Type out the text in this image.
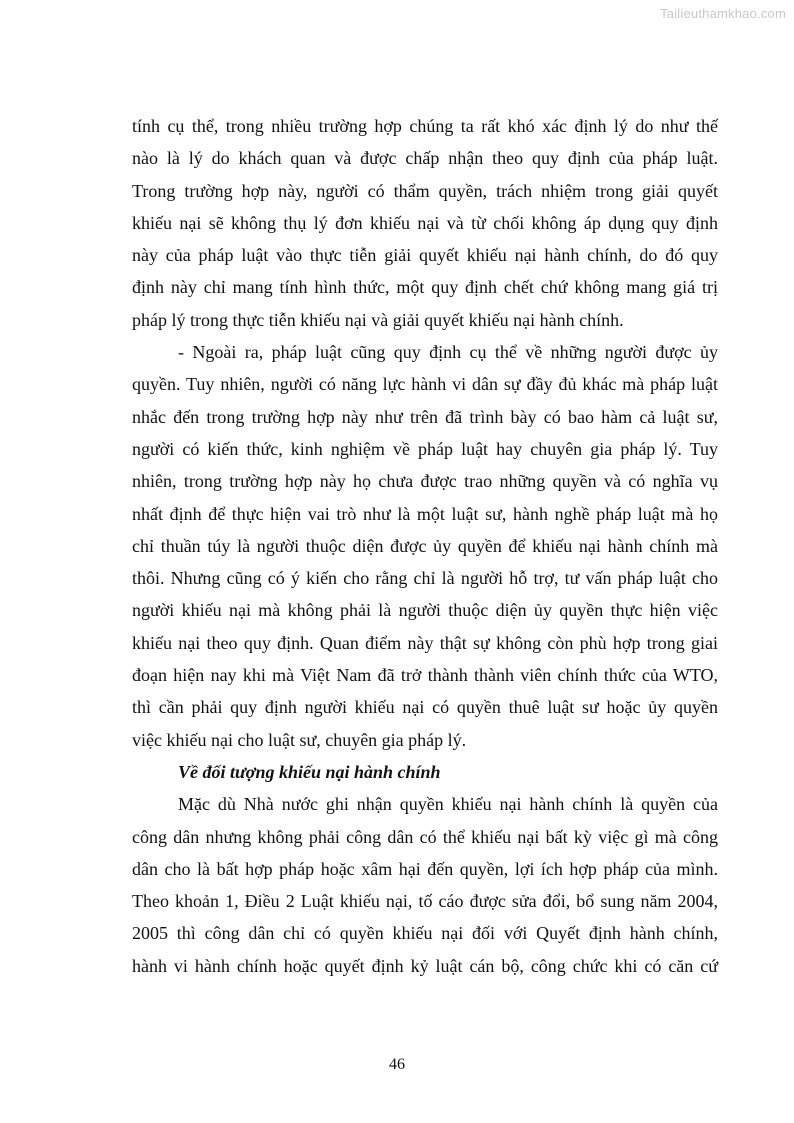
Tailieuthamkhao.com
tính cụ thể, trong nhiều trường hợp chúng ta rất khó xác định lý do như thế
nào là lý do khách quan và được chấp nhận theo quy định của pháp luật.
Trong trường hợp này, người có thẩm quyền, trách nhiệm trong giải quyết
khiếu nại sẽ không thụ lý đơn khiếu nại và từ chối không áp dụng quy định
này của pháp luật vào thực tiễn giải quyết khiếu nại hành chính, do đó quy
định này chỉ mang tính hình thức, một quy định chết chứ không mang giá trị
pháp lý trong thực tiễn khiếu nại và giải quyết khiếu nại hành chính.
- Ngoài ra, pháp luật cũng quy định cụ thể về những người được ủy
quyền. Tuy nhiên, người có năng lực hành vi dân sự đầy đủ khác mà pháp luật
nhắc đến trong trường hợp này như trên đã trình bày có bao hàm cả luật sư,
người có kiến thức, kinh nghiệm về pháp luật hay chuyên gia pháp lý. Tuy
nhiên, trong trường hợp này họ chưa được trao những quyền và có nghĩa vụ
nhất định để thực hiện vai trò như là một luật sư, hành nghề pháp luật mà họ
chỉ thuần túy là người thuộc diện được ủy quyền để khiếu nại hành chính mà
thôi. Nhưng cũng có ý kiến cho rằng chỉ là người hỗ trợ, tư vấn pháp luật cho
người khiếu nại mà không phải là người thuộc diện ủy quyền thực hiện việc
khiếu nại theo quy định. Quan điểm này thật sự không còn phù hợp trong giai
đoạn hiện nay khi mà Việt Nam đã trở thành thành viên chính thức của WTO,
thì cần phải quy định người khiếu nại có quyền thuê luật sư hoặc ủy quyền
việc khiếu nại cho luật sư, chuyên gia pháp lý.
Về đối tượng khiếu nại hành chính
Mặc dù Nhà nước ghi nhận quyền khiếu nại hành chính là quyền của
công dân nhưng không phải công dân có thể khiếu nại bất kỳ việc gì mà công
dân cho là bất hợp pháp hoặc xâm hại đến quyền, lợi ích hợp pháp của mình.
Theo khoản 1, Điều 2 Luật khiếu nại, tố cáo được sửa đổi, bổ sung năm 2004,
2005 thì công dân chỉ có quyền khiếu nại đối với Quyết định hành chính,
hành vi hành chính hoặc quyết định kỷ luật cán bộ, công chức khi có căn cứ
46
